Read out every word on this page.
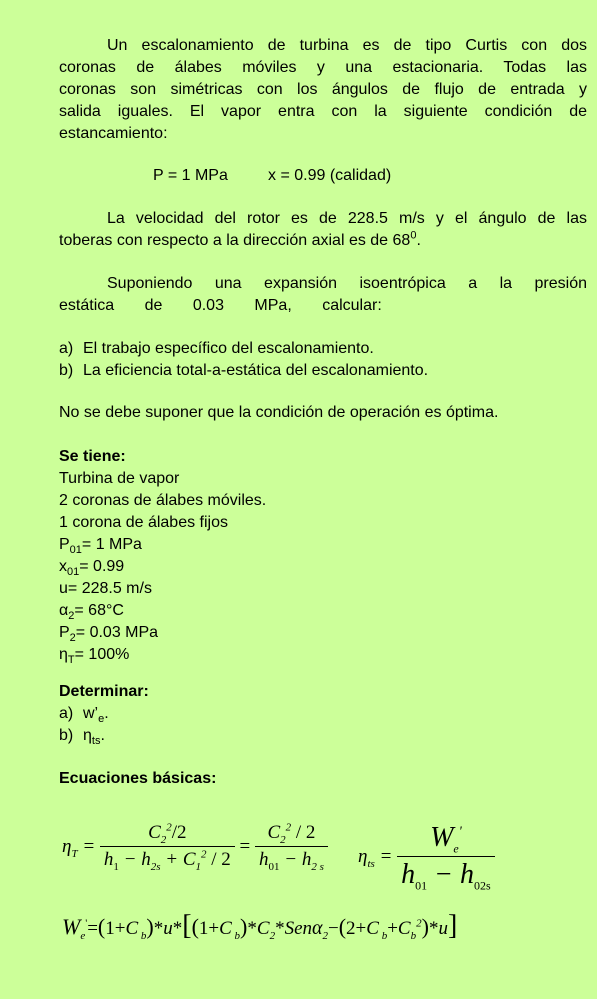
Un escalonamiento de turbina es de tipo Curtis con dos
coronas de álabes móviles y una estacionaria. Todas las
coronas son simétricas con los ángulos de flujo de entrada y
salida iguales. El vapor entra con la siguiente condición de
estancamiento:
P = 1 MPa	x = 0.99 (calidad)
La velocidad del rotor es de 228.5 m/s y el ángulo de las
toberas con respecto a la dirección axial es de $68^0$.
Suponiendo una expansión isoentrópica a la presión
estática de 0.03 MPa, calcular:
a) El trabajo específico del escalonamiento.
b) La eficiencia total-a-estática del escalonamiento.
No se debe suponer que la condición de operación es óptima.
Se tiene:
Turbina de vapor
2 coronas de álabes móviles.
1 corona de álabes fijos
$P_{01}= 1$ MPa
$x_{01}= 0.99$
u= 228.5 m/s
$\alpha_2= 68^\circ C$
$P_2= 0.03$ MPa
$\eta_T= 100\%$
Determinar:
a) $w’_e$.
b) $\eta_{ts}$.
Ecuaciones básicas:
$\eta_T = \frac{C_2^2/2}{h_1 - h_{2s} + C_1^2 / 2} = \frac{C_2^2 / 2}{h_{01} - h_{2 s}} \eta_{ts} = \frac{W_e'}{h_{01} - h_{02s}}$
$W_e'=(1+C$ $_b$)*u*[(1+C $_b)*C_2*Sen\alpha_2-(2+C$ $_b+C_b^2)*u$]
